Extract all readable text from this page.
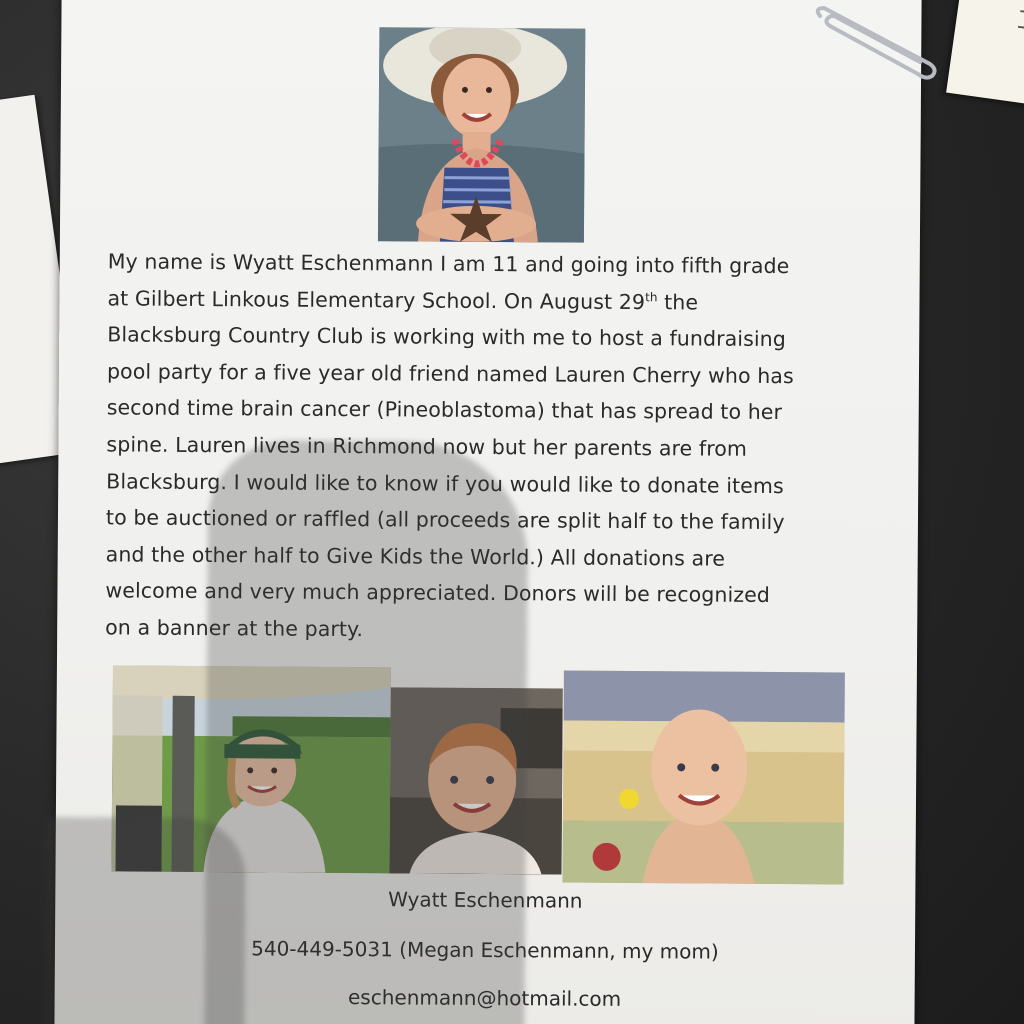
My name is Wyatt Eschenmann I am 11 and going into fifth grade
at Gilbert Linkous Elementary School. On August 29th the
Blacksburg Country Club is working with me to host a fundraising
pool party for a five year old friend named Lauren Cherry who has
second time brain cancer (Pineoblastoma) that has spread to her
spine. Lauren lives in Richmond now but her parents are from
Blacksburg. I would like to know if you would like to donate items
to be auctioned or raffled (all proceeds are split half to the family
and the other half to Give Kids the World.) All donations are
welcome and very much appreciated. Donors will be recognized
on a banner at the party.
Wyatt Eschenmann
540-449-5031 (Megan Eschenmann, my mom)
eschenmann@hotmail.com
